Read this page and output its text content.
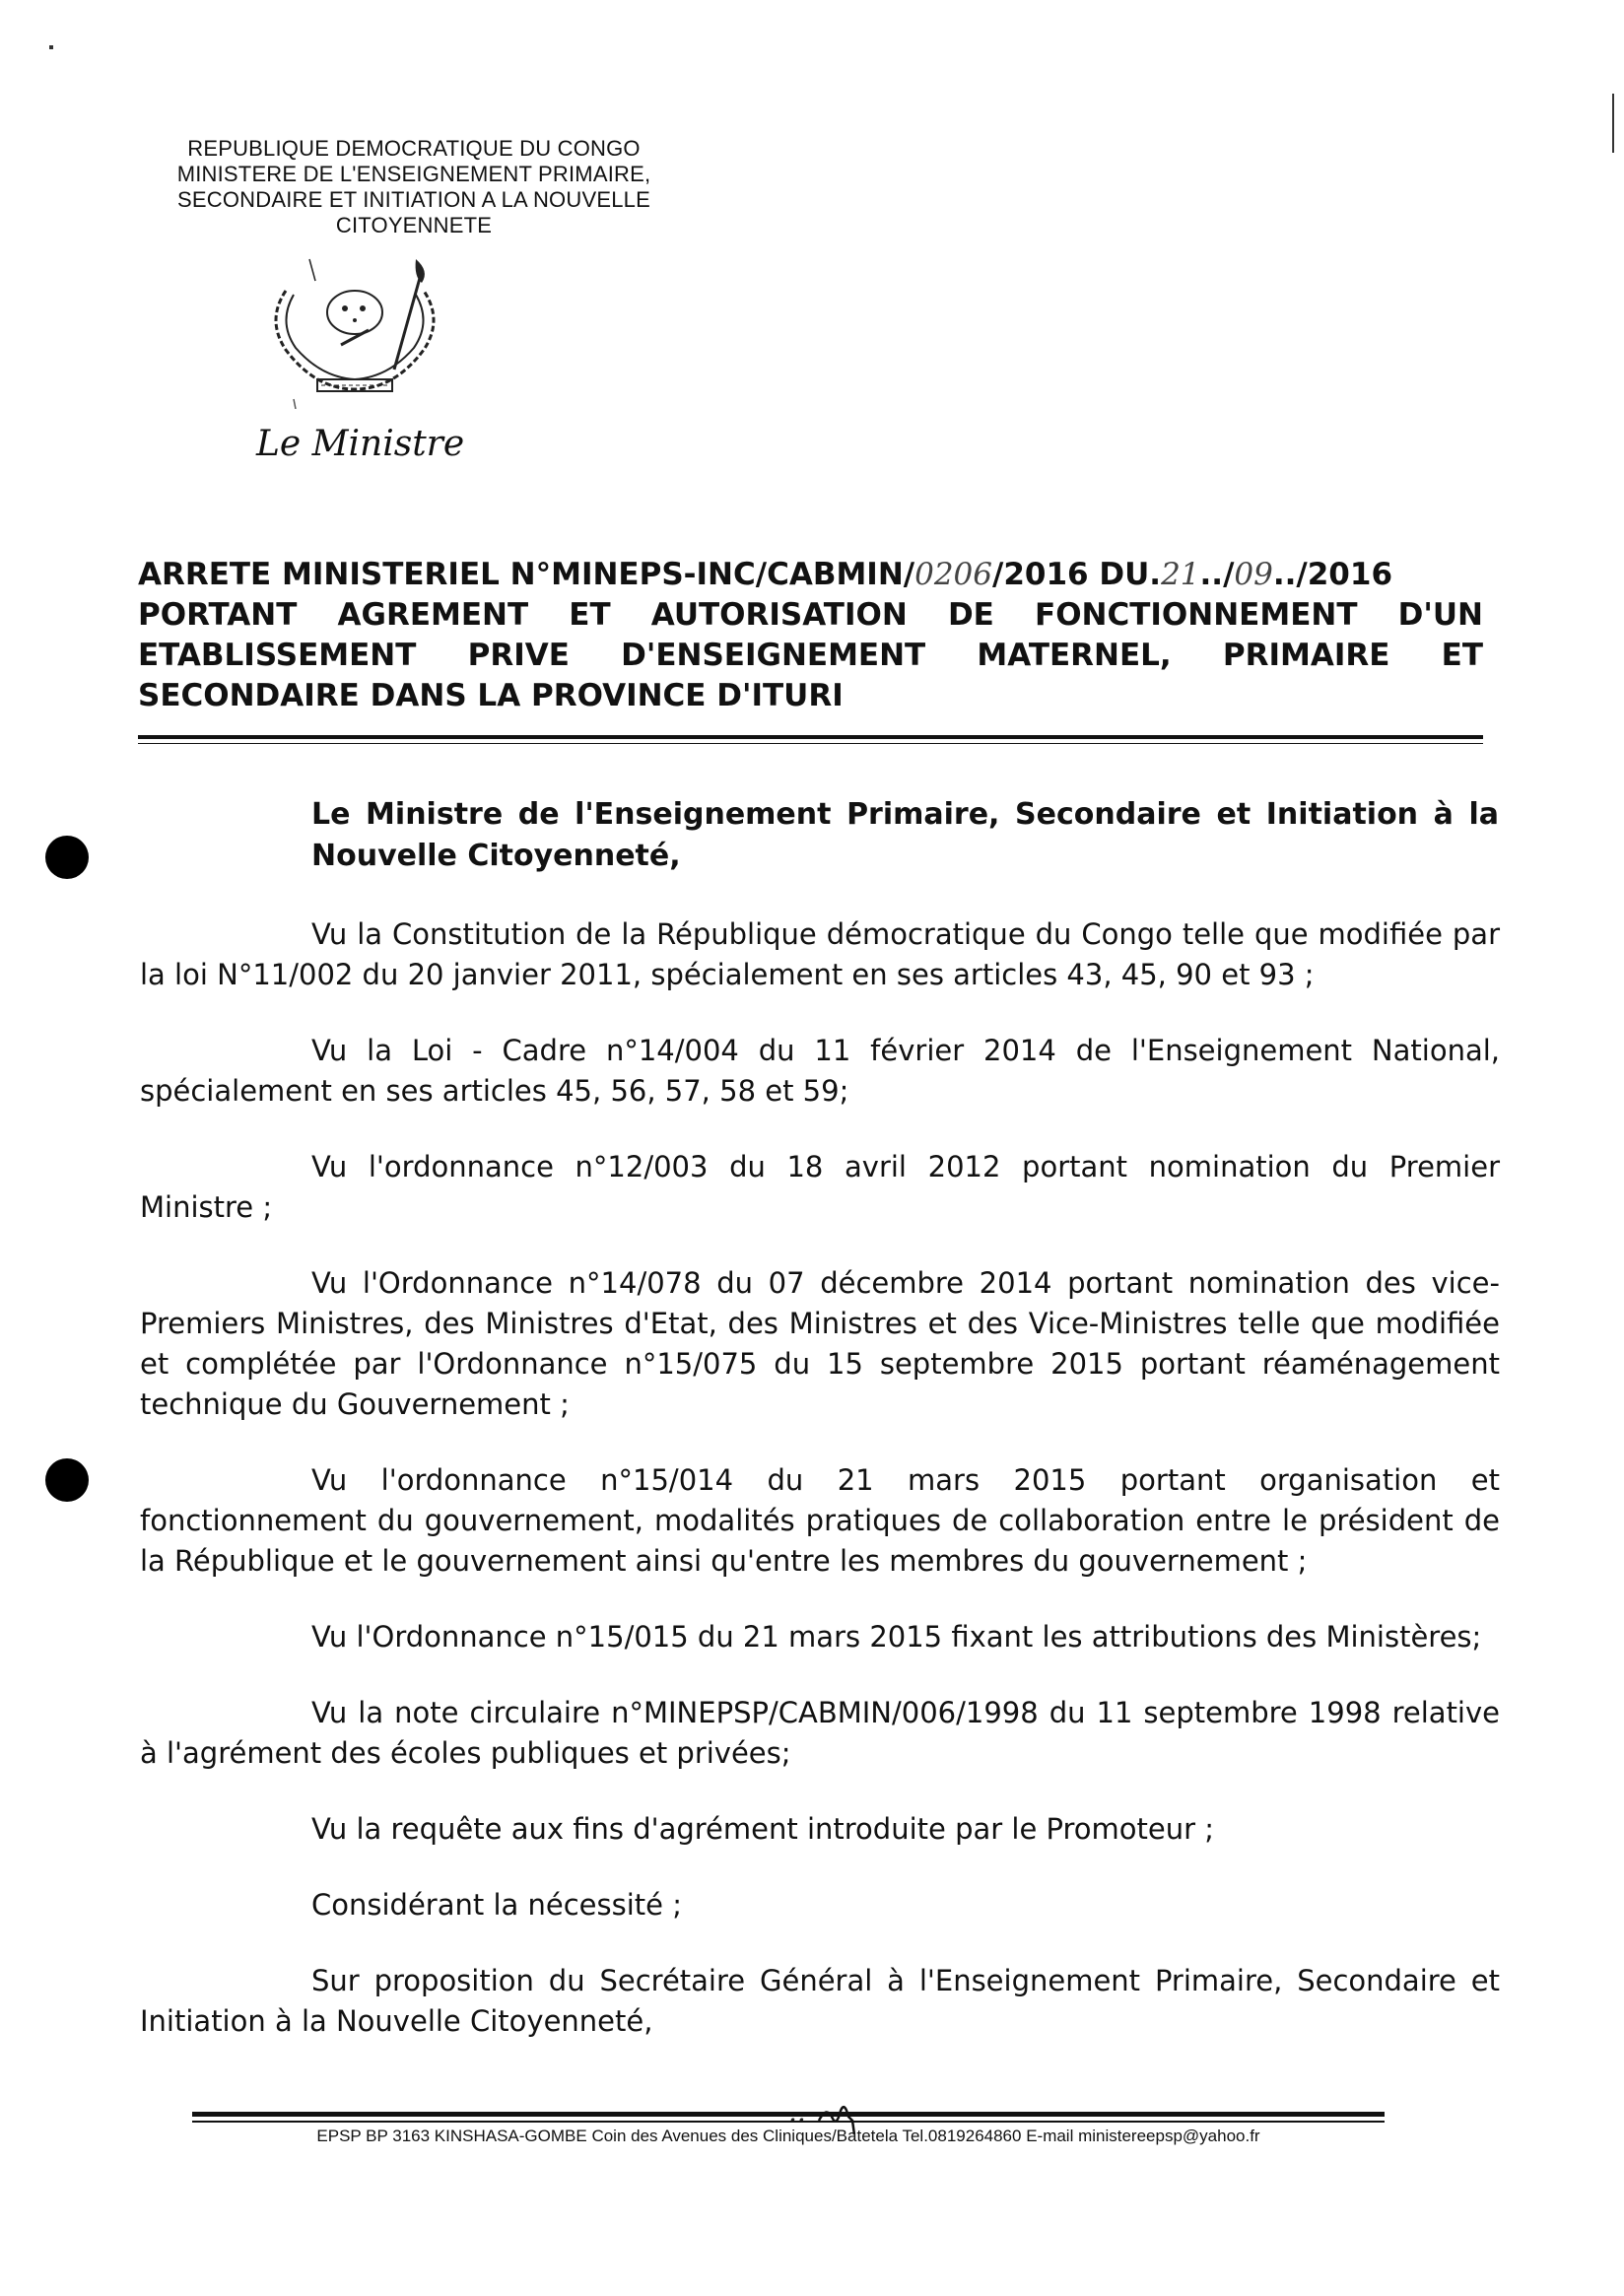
REPUBLIQUE DEMOCRATIQUE DU CONGO
MINISTERE DE L'ENSEIGNEMENT PRIMAIRE,
SECONDAIRE ET INITIATION A LA NOUVELLE
CITOYENNETE
Le Ministre
ARRETE MINISTERIEL N°MINEPS-INC/CABMIN/0206/2016 DU.21../09../2016
PORTANT AGREMENT ET AUTORISATION DE FONCTIONNEMENT D'UN
ETABLISSEMENT PRIVE D'ENSEIGNEMENT MATERNEL, PRIMAIRE ET
SECONDAIRE DANS LA PROVINCE D'ITURI
Le Ministre de l'Enseignement Primaire, Secondaire et Initiation à la Nouvelle Citoyenneté,

Vu la Constitution de la République démocratique du Congo telle que modifiée par la loi N°11/002 du 20 janvier 2011, spécialement en ses articles 43, 45, 90 et 93 ;

Vu la Loi - Cadre n°14/004 du 11 février 2014 de l'Enseignement National, spécialement en ses articles 45, 56, 57, 58 et 59;

Vu l'ordonnance n°12/003 du 18 avril 2012 portant nomination du Premier Ministre ;

Vu l'Ordonnance n°14/078 du 07 décembre 2014 portant nomination des vice-Premiers Ministres, des Ministres d'Etat, des Ministres et des Vice-Ministres telle que modifiée et complétée par l'Ordonnance n°15/075 du 15 septembre 2015 portant réaménagement technique du Gouvernement ;

Vu l'ordonnance n°15/014 du 21 mars 2015 portant organisation et fonctionnement du gouvernement, modalités pratiques de collaboration entre le président de la République et le gouvernement ainsi qu'entre les membres du gouvernement ;

Vu l'Ordonnance n°15/015 du 21 mars 2015 fixant les attributions des Ministères;

Vu la note circulaire n°MINEPSP/CABMIN/006/1998 du 11 septembre 1998 relative à l'agrément des écoles publiques et privées;

Vu la requête aux fins d'agrément introduite par le Promoteur ;

Considérant la nécessité ;

Sur proposition du Secrétaire Général à l'Enseignement Primaire, Secondaire et Initiation à la Nouvelle Citoyenneté,

EPSP BP 3163 KINSHASA-GOMBE Coin des Avenues des Cliniques/Batetela Tel.0819264860 E-mail ministereepsp@yahoo.fr
